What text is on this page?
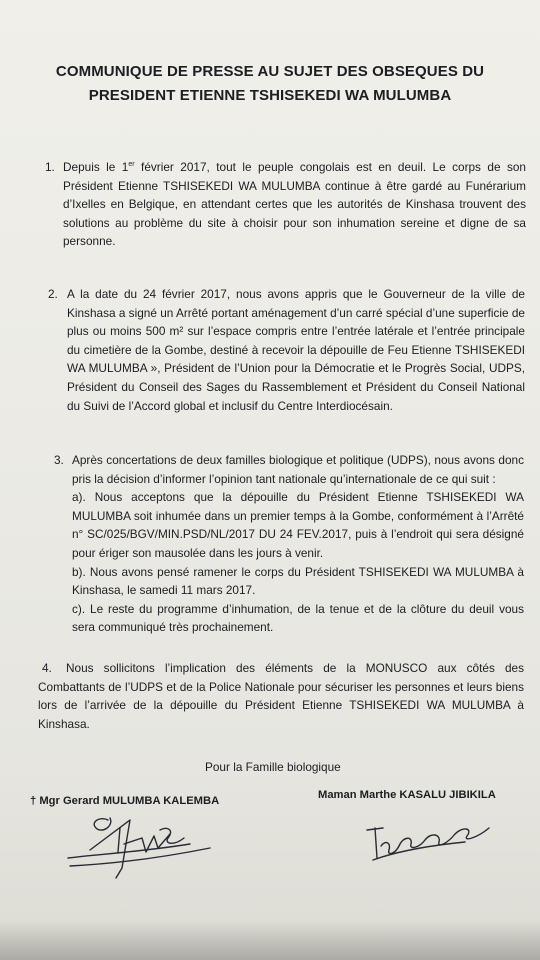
COMMUNIQUE DE PRESSE AU SUJET DES OBSEQUES DU PRESIDENT ETIENNE TSHISEKEDI WA MULUMBA
1. Depuis le 1er février 2017, tout le peuple congolais est en deuil. Le corps de son Président Etienne TSHISEKEDI WA MULUMBA continue à être gardé au Funérarium d’Ixelles en Belgique, en attendant certes que les autorités de Kinshasa trouvent des solutions au problème du site à choisir pour son inhumation sereine et digne de sa personne.

2. A la date du 24 février 2017, nous avons appris que le Gouverneur de la ville de Kinshasa a signé un Arrêté portant aménagement d’un carré spécial d’une superficie de plus ou moins 500 m² sur l’espace compris entre l’entrée latérale et l’entrée principale du cimetière de la Gombe, destiné à recevoir la dépouille de Feu Etienne TSHISEKEDI WA MULUMBA », Président de l’Union pour la Démocratie et le Progrès Social, UDPS, Président du Conseil des Sages du Rassemblement et Président du Conseil National du Suivi de l’Accord global et inclusif du Centre Interdiocésain.

3. Après concertations de deux familles biologique et politique (UDPS), nous avons donc pris la décision d’informer l’opinion tant nationale qu’internationale de ce qui suit :

a). Nous acceptons que la dépouille du Président Etienne TSHISEKEDI WA MULUMBA soit inhumée dans un premier temps à la Gombe, conformément à l’Arrêté n° SC/025/BGV/MIN.PSD/NL/2017 DU 24 FEV.2017, puis à l’endroit qui sera désigné pour ériger son mausolée dans les jours à venir.

b). Nous avons pensé ramener le corps du Président TSHISEKEDI WA MULUMBA à Kinshasa, le samedi 11 mars 2017.

c). Le reste du programme d’inhumation, de la tenue et de la clôture du deuil vous sera communiqué très prochainement.

4.	Nous sollicitons l’implication des éléments de la MONUSCO aux côtés des Combattants de l’UDPS et de la Police Nationale pour sécuriser les personnes et leurs biens lors de l’arrivée de la dépouille du Président Etienne TSHISEKEDI WA MULUMBA à Kinshasa.

Pour la Famille biologique
† Mgr Gerard MULUMBA KALEMBA	Maman Marthe KASALU JIBIKILA
